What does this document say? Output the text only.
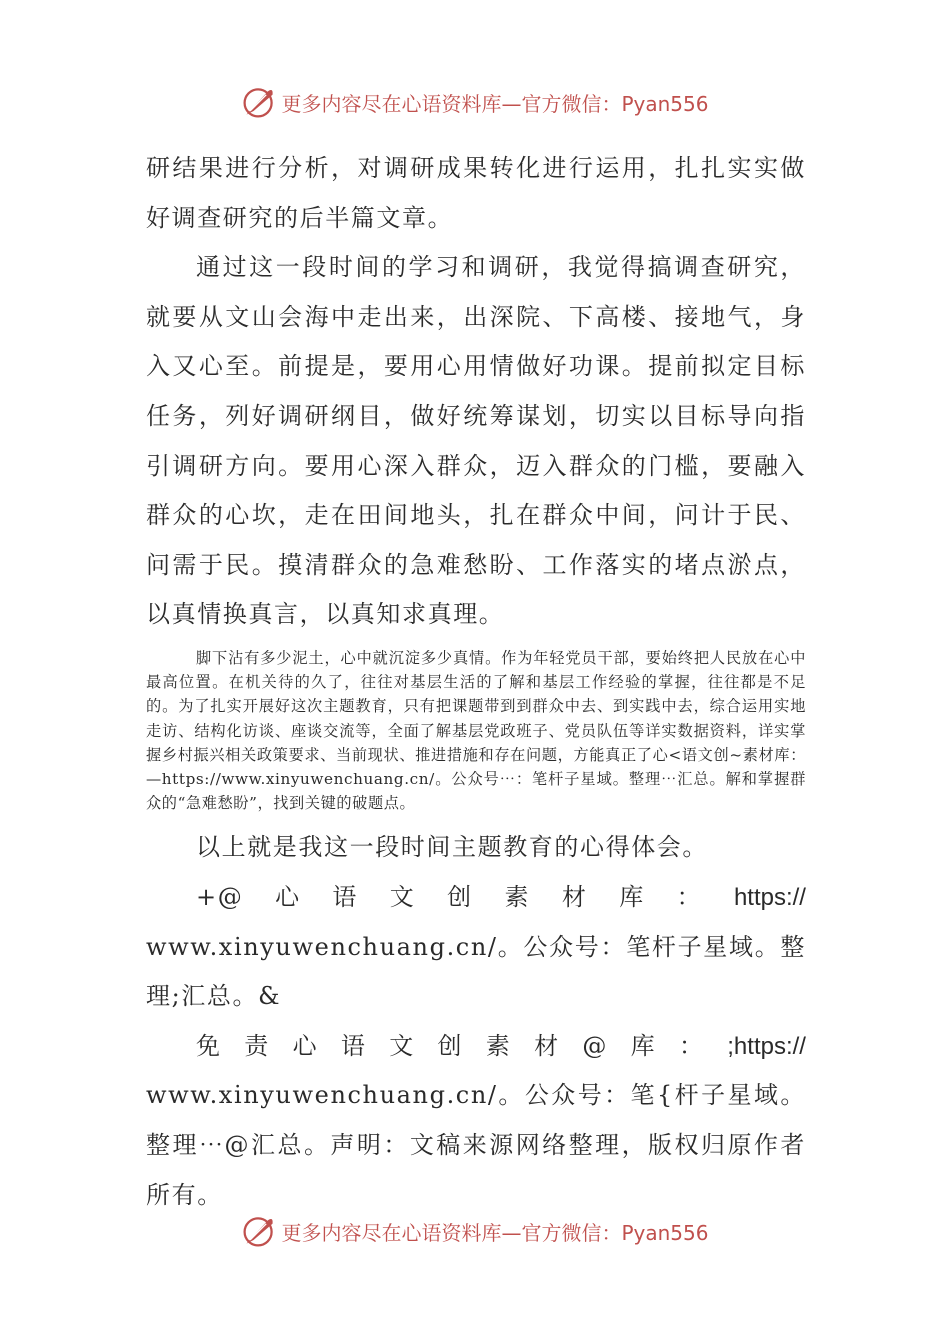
更多内容尽在心语资料库—官方微信：Pyan556

研结果进行分析，对调研成果转化进行运用，扎扎实实做好调查研究的后半篇文章。

通过这一段时间的学习和调研，我觉得搞调查研究，就要从文山会海中走出来，出深院、下高楼、接地气，身入又心至。前提是，要用心用情做好功课。提前拟定目标任务，列好调研纲目，做好统筹谋划，切实以目标导向指引调研方向。要用心深入群众，迈入群众的门槛，要融入群众的心坎，走在田间地头，扎在群众中间，问计于民、问需于民。摸清群众的急难愁盼、工作落实的堵点淤点，以真情换真言，以真知求真理。

脚下沾有多少泥土，心中就沉淀多少真情。作为年轻党员干部，要始终把人民放在心中最高位置。在机关待的久了，往往对基层生活的了解和基层工作经验的掌握，往往都是不足的。为了扎实开展好这次主题教育，只有把课题带到到群众中去、到实践中去，综合运用实地走访、结构化访谈、座谈交流等，全面了解基层党政班子、党员队伍等详实数据资料，详实掌握乡村振兴相关政策要求、当前现状、推进措施和存在问题，方能真正了心<语文创~素材库：—https://www.xinyuwenchuang.cn/。公众号⋯：笔杆子星域。整理⋯汇总。解和掌握群众的“急难愁盼”，找到关键的破题点。

以上就是我这一段时间主题教育的心得体会。

+@ 心 语 文 创 素 材 库 ： https://

www.xinyuwenchuang.cn/。公众号：笔杆子星域。整理;汇总。&

免 责 心 语 文 创 素 材 @ 库 ： ;https://

www.xinyuwenchuang.cn/。公众号：笔{杆子星域。整理⋯@汇总。声明：文稿来源网络整理，版权归原作者所有。

更多内容尽在心语资料库—官方微信：Pyan556
